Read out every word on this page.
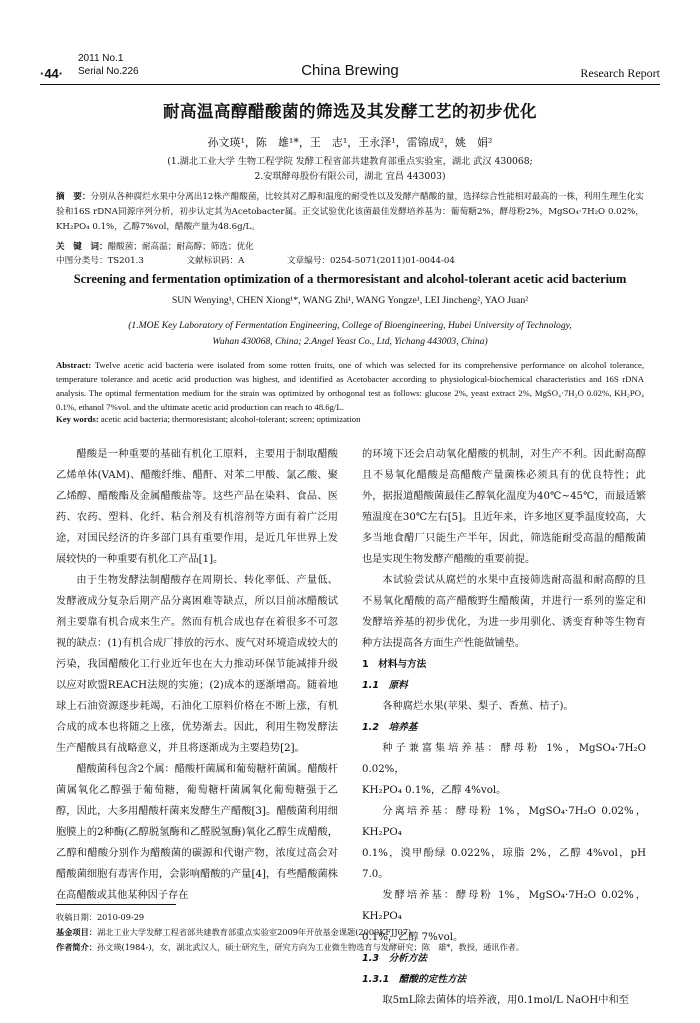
·44·
2011 No.1
Serial No.226	China Brewing	Research Report
耐高温高醇醋酸菌的筛选及其发酵工艺的初步优化
孙文瑛¹，陈　雄¹*，王　志¹，王永泽¹，雷锦成²，姚　娟²
(1.湖北工业大学 生物工程学院 发酵工程省部共建教育部重点实验室，湖北 武汉 430068;
2.安琪酵母股份有限公司，湖北 宜昌 443003)
摘　要：分别从各种腐烂水果中分离出12株产醋酸菌，比较其对乙醇和温度的耐受性以及发酵产醋酸的量，选择综合性能相对最高的一株，利用生理生化实验和16S rDNA同源序列分析，初步认定其为Acetobacter属。正交试验优化该菌最佳发酵培养基为：葡萄糖2%，酵母粉2%，MgSO₄·7H₂O 0.02%，KH₂PO₄ 0.1%，乙醇7%vol，醋酸产量为48.6g/L。
关　键　词：醋酸菌；耐高温；耐高醇；筛选；优化
中图分类号：TS201.3	文献标识码：A	文章编号：0254-5071(2011)01-0044-04
Screening and fermentation optimization of a thermoresistant and alcohol-tolerant acetic acid bacterium
SUN Wenying¹, CHEN Xiong¹*, WANG Zhi¹, WANG Yongze¹, LEI Jincheng², YAO Juan²
(1.MOE Key Laboratory of Fermentation Engineering, College of Bioengineering, Hubei University of Technology,
Wuhan 430068, China; 2.Angel Yeast Co., Ltd, Yichang 443003, China)
Abstract: Twelve acetic acid bacteria were isolated from some rotten fruits, one of which was selected for its comprehensive performance on alcohol tolerance, temperature tolerance and acetic acid production was highest, and identified as Acetobacter according to physiological-biochemical characteristics and 16S rDNA analysis. The optimal fermentation medium for the strain was optimized by orthogonal test as follows: glucose 2%, yeast extract 2%, MgSO₄·7H₂O 0.02%, KH₂PO₄ 0.1%, ethanol 7%vol. and the ultimate acetic acid production can reach to 48.6g/L.
Key words: acetic acid bacteria; thermoresistant; alcohol-tolerant; screen; optimization

醋酸是一种重要的基础有机化工原料，主要用于制取醋酸乙烯单体(VAM)、醋酸纤维、醋酐、对苯二甲酸、氯乙酸、聚乙烯醇、醋酸酯及金属醋酸盐等。这些产品在染料、食品、医药、农药、塑料、化纤、粘合剂及有机溶剂等方面有着广泛用途，对国民经济的许多部门具有重要作用，是近几年世界上发展较快的一种重要有机化工产品[1]。

由于生物发酵法制醋酸存在周期长、转化率低、产量低、发酵液成分复杂后期产品分离困难等缺点，所以目前冰醋酸试剂主要靠有机合成来生产。然而有机合成也存在着很多不可忽视的缺点：(1)有机合成厂排放的污水、废气对环境造成较大的污染，我国醋酸化工行业近年也在大力推动环保节能减排升级以应对欧盟REACH法规的实施；(2)成本的逐渐增高。随着地球上石油资源逐步耗竭，石油化工原料价格在不断上涨，有机合成的成本也将随之上涨，优势渐去。因此，利用生物发酵法生产醋酸具有战略意义，并且将逐渐成为主要趋势[2]。

醋酸菌科包含2个属：醋酸杆菌属和葡萄糖杆菌属。醋酸杆菌属氧化乙醇强于葡萄糖，葡萄糖杆菌属氧化葡萄糖强于乙醇，因此，大多用醋酸杆菌来发酵生产醋酸[3]。醋酸菌利用细胞膜上的2种酶(乙醇脱氢酶和乙醛脱氢酶)氧化乙醇生成醋酸，乙醇和醋酸分别作为醋酸菌的碳源和代谢产物，浓度过高会对醋酸菌细胞有毒害作用，会影响醋酸的产量[4]，有些醋酸菌株在高醋酸或其他某种因子存在

的环境下还会启动氧化醋酸的机制，对生产不利。因此耐高醇且不易氧化醋酸是高醋酸产量菌株必须具有的优良特性；此外，据报道醋酸菌最佳乙醇氧化温度为40℃~45℃，而最适繁殖温度在30℃左右[5]。且近年来，许多地区夏季温度较高，大多当地食醋厂只能生产半年，因此，筛选能耐受高温的醋酸菌也是实现生物发酵产醋酸的重要前提。

本试验尝试从腐烂的水果中直接筛选耐高温和耐高醇的且不易氧化醋酸的高产醋酸野生醋酸菌，并进行一系列的鉴定和发酵培养基的初步优化，为进一步用驯化、诱变育种等生物育种方法提高各方面生产性能做铺垫。

1　材料与方法

1.1　原料

各种腐烂水果(苹果、梨子、香蕉、桔子)。

1.2　培养基

种子兼富集培养基：酵母粉 1%，MgSO₄·7H₂O 0.02%，

KH₂PO₄ 0.1%，乙醇 4%vol。

分离培养基：酵母粉 1%，MgSO₄·7H₂O 0.02%，KH₂PO₄

0.1%，溴甲酚绿 0.022%，琼脂 2%，乙醇 4%vol，pH 7.0。

发酵培养基：酵母粉 1%，MgSO₄·7H₂O 0.02%，KH₂PO₄

0.1%，乙醇 7%vol。

1.3　分析方法

1.3.1　醋酸的定性方法

取5mL除去菌体的培养液，用0.1mol/L NaOH中和至

收稿日期：2010-09-29
基金项目：湖北工业大学发酵工程省部共建教育部重点实验室2009年开放基金课题(2009KFJJ07)
作者简介：孙文瑛(1984-)，女，湖北武汉人，硕士研究生，研究方向为工业微生物选育与发酵研究；陈　雄*，教授，通讯作者。
